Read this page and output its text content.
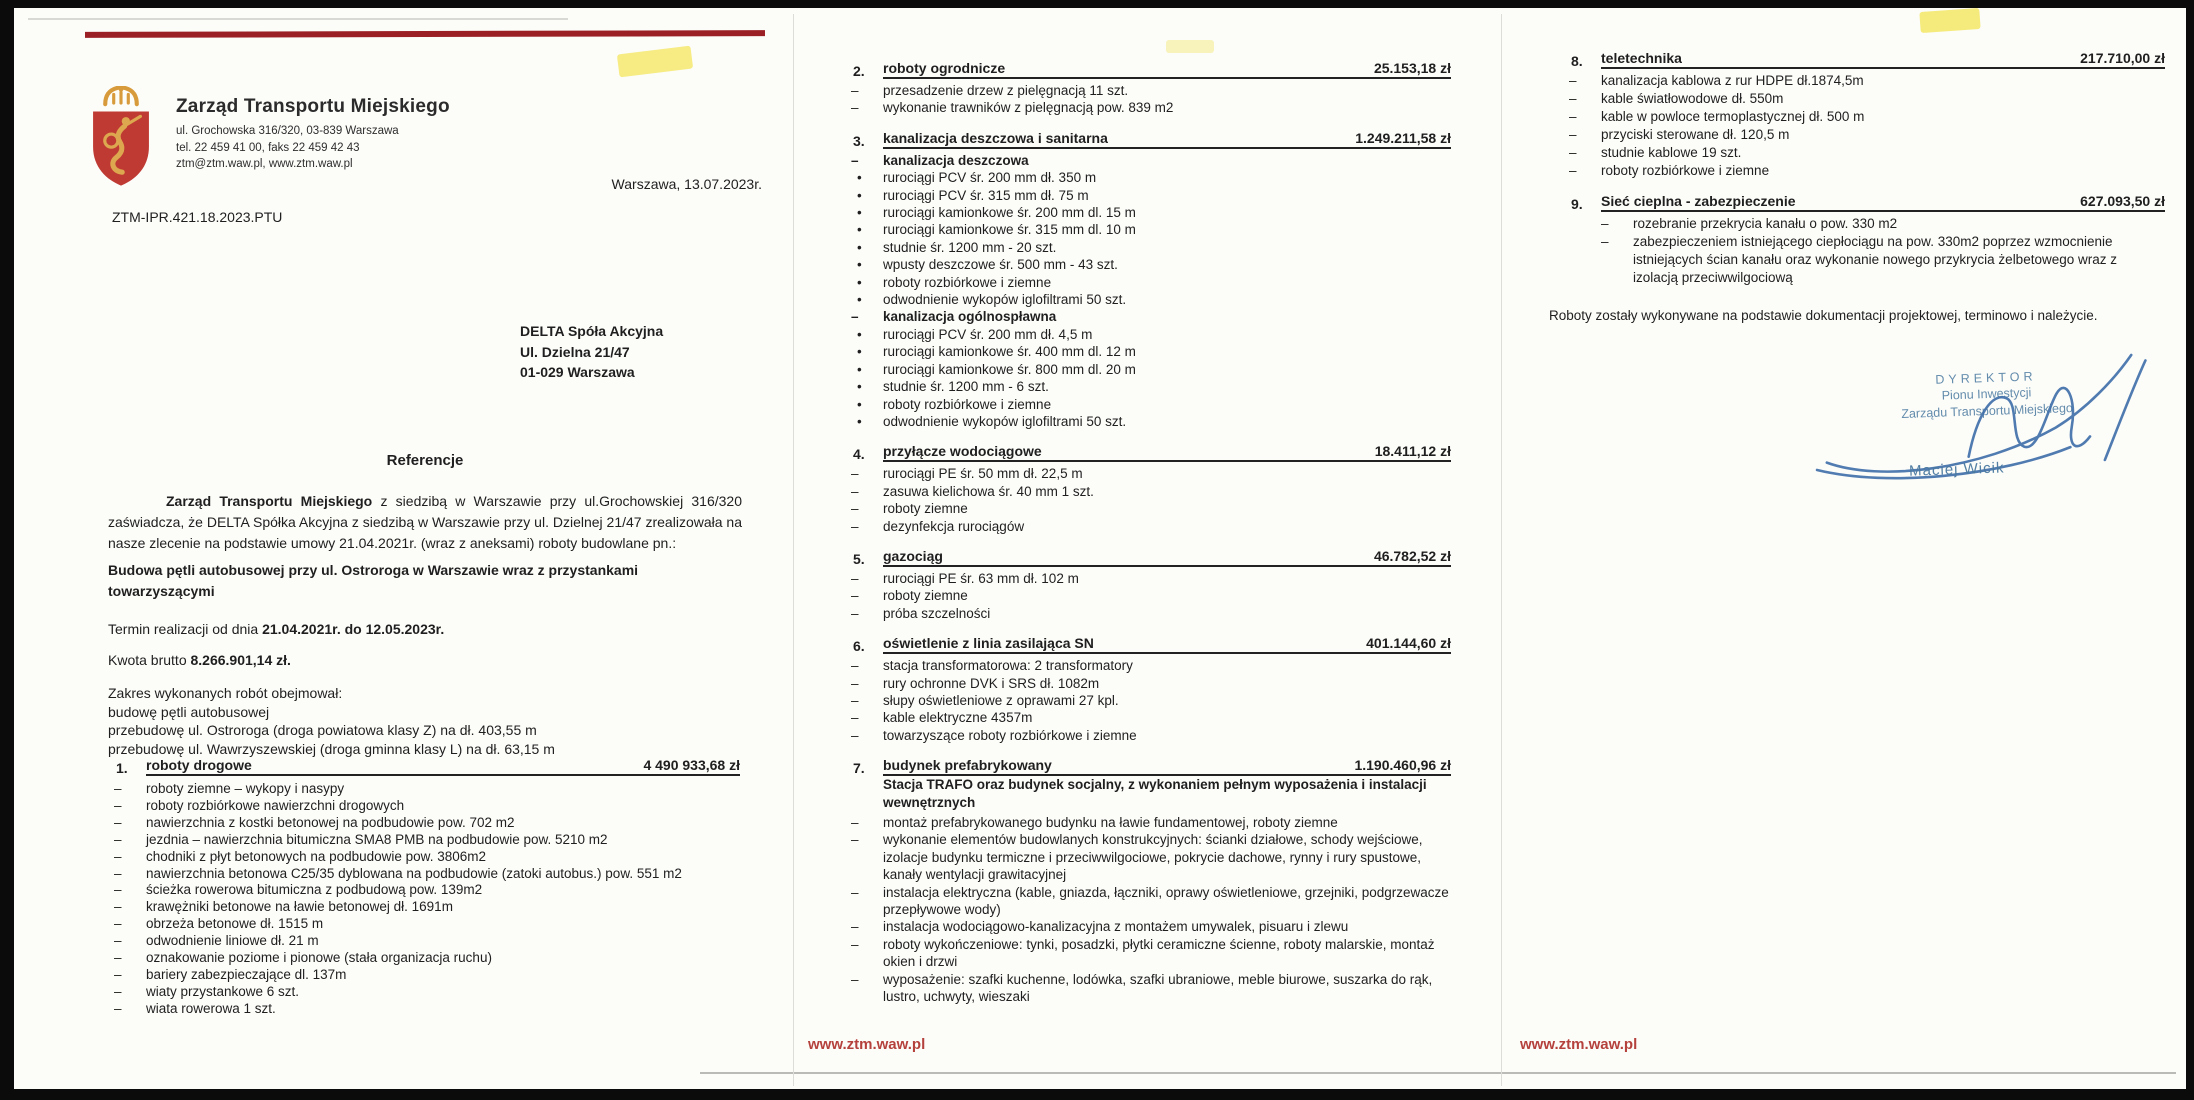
Zarząd Transportu Miejskiego
ul. Grochowska 316/320, 03-839 Warszawa
tel. 22 459 41 00, faks 22 459 42 43
ztm@ztm.waw.pl, www.ztm.waw.pl
Warszawa, 13.07.2023r.
ZTM-IPR.421.18.2023.PTU
DELTA Spóła Akcyjna
Ul. Dzielna 21/47
01-029 Warszawa
Referencje
Zarząd Transportu Miejskiego z siedzibą w Warszawie przy ul.Grochowskiej 316/320 zaświadcza, że DELTA Spółka Akcyjna z siedzibą w Warszawie przy ul. Dzielnej 21/47 zrealizowała na nasze zlecenie na podstawie umowy 21.04.2021r. (wraz z aneksami) roboty budowlane pn.:
Budowa pętli autobusowej przy ul. Ostroroga w Warszawie wraz z przystankami towarzyszącymi
Termin realizacji od dnia 21.04.2021r. do 12.05.2023r.
Kwota brutto 8.266.901,14 zł.
Zakres wykonanych robót obejmował:
budowę pętli autobusowej
przebudowę ul. Ostroroga (droga powiatowa klasy Z) na dł. 403,55 m
przebudowę ul. Wawrzyszewskiej (droga gminna klasy L) na dł. 63,15 m
1.	roboty drogowe	4 490 933,68 zł
–
roboty ziemne – wykopy i nasypy
–
roboty rozbiórkowe nawierzchni drogowych
–
nawierzchnia z kostki betonowej na podbudowie pow. 702 m2
–
jezdnia – nawierzchnia bitumiczna SMA8 PMB na podbudowie pow. 5210 m2
–
chodniki z płyt betonowych na podbudowie pow. 3806m2
–
nawierzchnia betonowa C25/35 dyblowana na podbudowie (zatoki autobus.) pow. 551 m2
–
ścieżka rowerowa bitumiczna z podbudową pow. 139m2
–
krawężniki betonowe na ławie betonowej dł. 1691m
–
obrzeża betonowe dł. 1515 m
–
odwodnienie liniowe dł. 21 m
–
oznakowanie poziome i pionowe (stała organizacja ruchu)
–
bariery zabezpieczające dl. 137m
–
wiaty przystankowe 6 szt.
–
wiata rowerowa 1 szt.
2.	roboty ogrodnicze	25.153,18 zł
–
przesadzenie drzew z pielęgnacją 11 szt.
–
wykonanie trawników z pielęgnacją pow. 839 m2
3.	kanalizacja deszczowa i sanitarna	1.249.211,58 zł
–
kanalizacja deszczowa
•
rurociągi PCV śr. 200 mm dł. 350 m
•
rurociągi PCV śr. 315 mm dł. 75 m
•
rurociągi kamionkowe śr. 200 mm dl. 15 m
•
rurociągi kamionkowe śr. 315 mm dl. 10 m
•
studnie śr. 1200 mm - 20 szt.
•
wpusty deszczowe śr. 500 mm - 43 szt.
•
roboty rozbiórkowe i ziemne
•
odwodnienie wykopów iglofiltrami 50 szt.
–
kanalizacja ogólnospławna
•
rurociągi PCV śr. 200 mm dł. 4,5 m
•
rurociągi kamionkowe śr. 400 mm dl. 12 m
•
rurociągi kamionkowe śr. 800 mm dl. 20 m
•
studnie śr. 1200 mm - 6 szt.
•
roboty rozbiórkowe i ziemne
•
odwodnienie wykopów iglofiltrami 50 szt.
4.	przyłącze wodociągowe	18.411,12 zł
–
rurociągi PE śr. 50 mm dł. 22,5 m
–
zasuwa kielichowa śr. 40 mm 1 szt.
–
roboty ziemne
–
dezynfekcja rurociągów
5.	gazociąg	46.782,52 zł
–
rurociągi PE śr. 63 mm dł. 102 m
–
roboty ziemne
–
próba szczelności
6.	oświetlenie z linia zasilająca SN	401.144,60 zł
–
stacja transformatorowa: 2 transformatory
–
rury ochronne DVK i SRS dł. 1082m
–
słupy oświetleniowe z oprawami 27 kpl.
–
kable elektryczne 4357m
–
towarzyszące roboty rozbiórkowe i ziemne
7.	budynek prefabrykowany	1.190.460,96 zł
Stacja TRAFO oraz budynek socjalny, z wykonaniem pełnym wyposażenia i instalacji wewnętrznych
–
montaż prefabrykowanego budynku na ławie fundamentowej, roboty ziemne
–
wykonanie elementów budowlanych konstrukcyjnych: ścianki działowe, schody wejściowe, izolacje budynku termiczne i przeciwwilgociowe, pokrycie dachowe, rynny i rury spustowe, kanały wentylacji grawitacyjnej
–
instalacja elektryczna (kable, gniazda, łączniki, oprawy oświetleniowe, grzejniki, podgrzewacze przepływowe wody)
–
instalacja wodociągowo-kanalizacyjna z montażem umywalek, pisuaru i zlewu
–
roboty wykończeniowe: tynki, posadzki, płytki ceramiczne ścienne, roboty malarskie, montaż okien i drzwi
–
wyposażenie: szafki kuchenne, lodówka, szafki ubraniowe, meble biurowe, suszarka do rąk, lustro, uchwyty, wieszaki
www.ztm.waw.pl
8.	teletechnika	217.710,00 zł
–
kanalizacja kablowa z rur HDPE dł.1874,5m
–
kable światłowodowe dł. 550m
–
kable w powloce termoplastycznej dł. 500 m
–
przyciski sterowane dł. 120,5 m
–
studnie kablowe 19 szt.
–
roboty rozbiórkowe i ziemne
9.	Sieć cieplna - zabezpieczenie	627.093,50 zł
–
rozebranie przekrycia kanału o pow. 330 m2
–
zabezpieczeniem istniejącego ciepłociągu na pow. 330m2 poprzez wzmocnienie istniejących ścian kanału oraz wykonanie nowego przykrycia żelbetowego wraz z izolacją przeciwwilgociową
Roboty zostały wykonywane na podstawie dokumentacji projektowej, terminowo i należycie.
DYREKTOR
Pionu Inwestycji
Zarządu Transportu Miejskiego
Maciej Wicik
www.ztm.waw.pl
